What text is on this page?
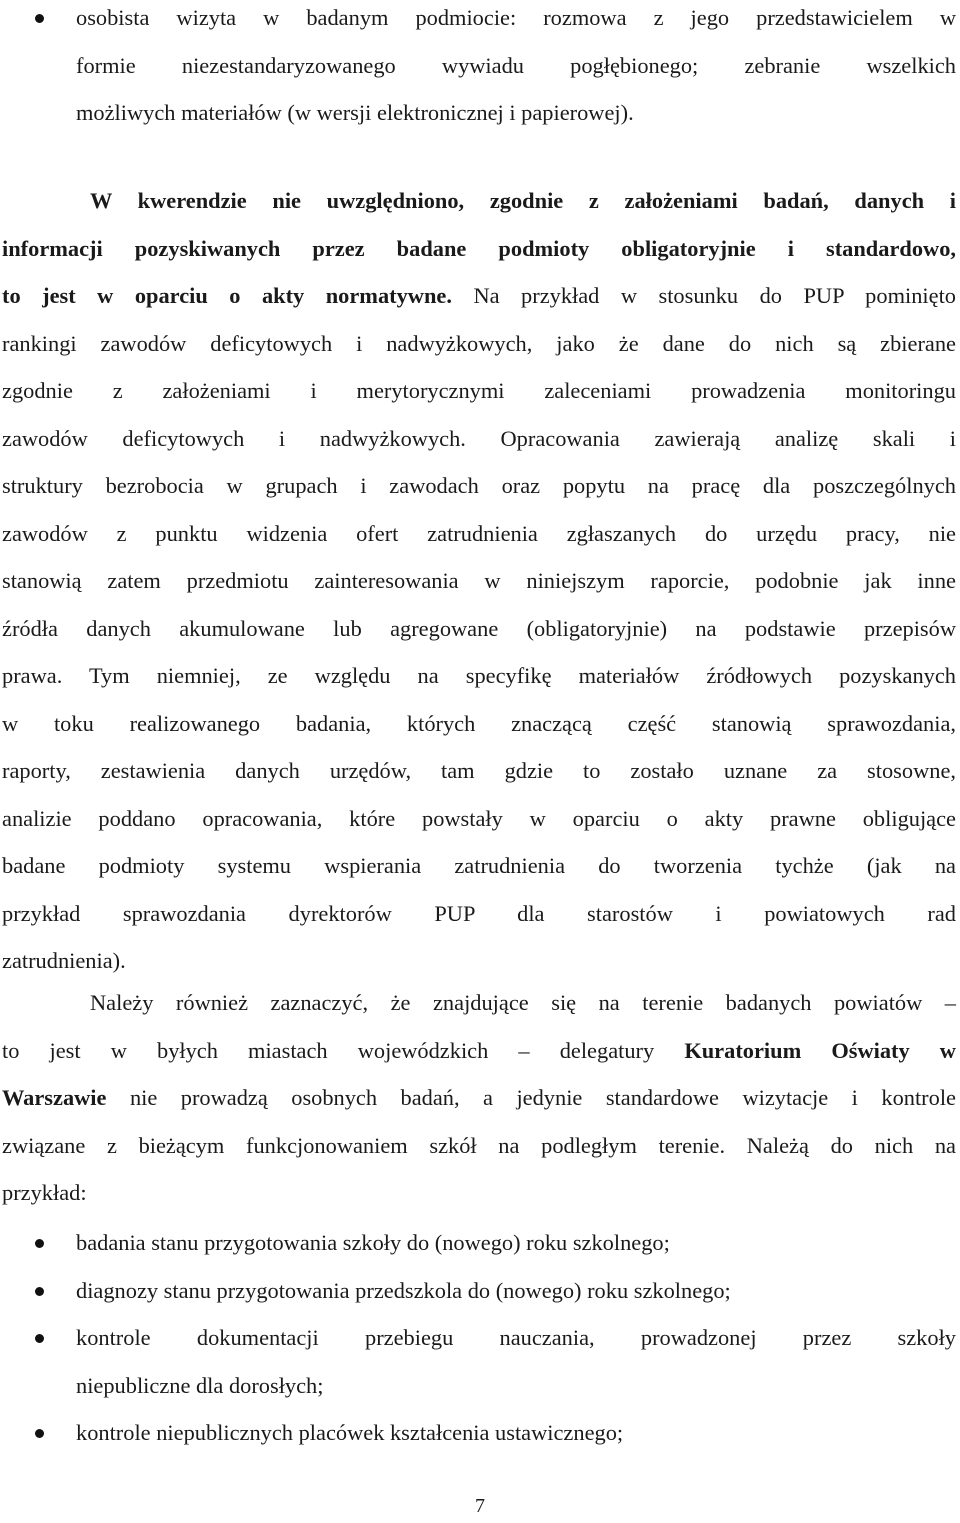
osobista wizyta w badanym podmiocie: rozmowa z jego przedstawicielem w
formie niezestandaryzowanego wywiadu pogłębionego; zebranie wszelkich
możliwych materiałów (w wersji elektronicznej i papierowej).
W kwerendzie nie uwzględniono, zgodnie z założeniami badań, danych i
informacji pozyskiwanych przez badane podmioty obligatoryjnie i standardowo,
to jest w oparciu o akty normatywne. Na przykład w stosunku do PUP pominięto
rankingi zawodów deficytowych i nadwyżkowych, jako że dane do nich są zbierane
zgodnie z założeniami i merytorycznymi zaleceniami prowadzenia monitoringu
zawodów deficytowych i nadwyżkowych. Opracowania zawierają analizę skali i
struktury bezrobocia w grupach i zawodach oraz popytu na pracę dla poszczególnych
zawodów z punktu widzenia ofert zatrudnienia zgłaszanych do urzędu pracy, nie
stanowią zatem przedmiotu zainteresowania w niniejszym raporcie, podobnie jak inne
źródła danych akumulowane lub agregowane (obligatoryjnie) na podstawie przepisów
prawa. Tym niemniej, ze względu na specyfikę materiałów źródłowych pozyskanych
w toku realizowanego badania, których znaczącą część stanowią sprawozdania,
raporty, zestawienia danych urzędów, tam gdzie to zostało uznane za stosowne,
analizie poddano opracowania, które powstały w oparciu o akty prawne obligujące
badane podmioty systemu wspierania zatrudnienia do tworzenia tychże (jak na
przykład sprawozdania dyrektorów PUP dla starostów i powiatowych rad
zatrudnienia).
Należy również zaznaczyć, że znajdujące się na terenie badanych powiatów –
to jest w byłych miastach wojewódzkich – delegatury Kuratorium Oświaty w
Warszawie nie prowadzą osobnych badań, a jedynie standardowe wizytacje i kontrole
związane z bieżącym funkcjonowaniem szkół na podległym terenie. Należą do nich na
przykład:
badania stanu przygotowania szkoły do (nowego) roku szkolnego;
diagnozy stanu przygotowania przedszkola do (nowego) roku szkolnego;
kontrole dokumentacji przebiegu nauczania, prowadzonej przez szkoły
niepubliczne dla dorosłych;
kontrole niepublicznych placówek kształcenia ustawicznego;
7
